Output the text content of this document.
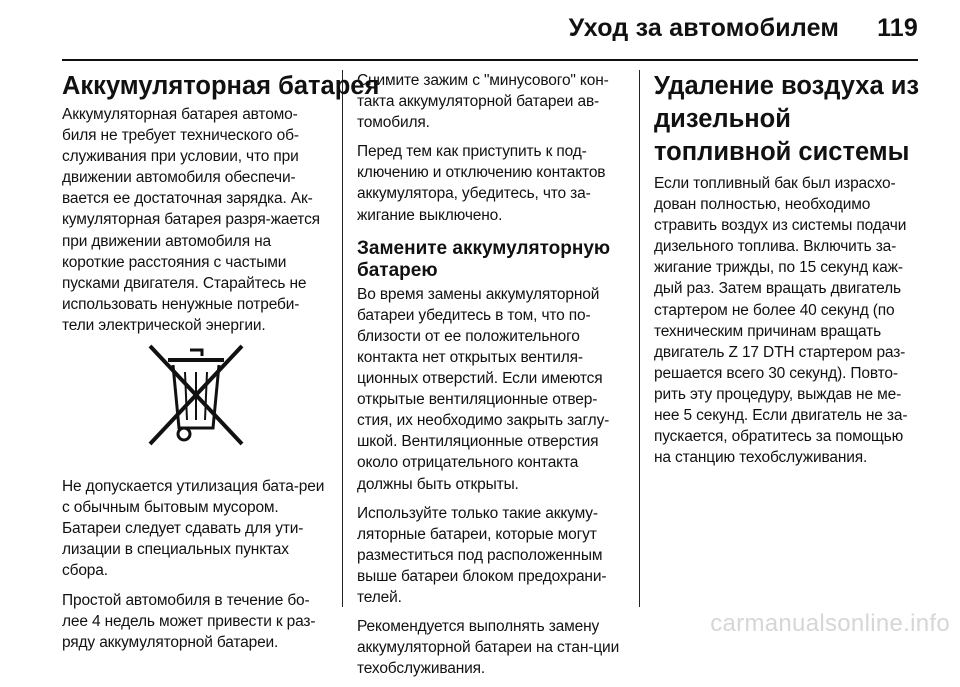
Уход за автомобилем 119
Аккумуляторная батарея

Аккумуляторная батарея автомо-биля не требует технического об-служивания при условии, что при движении автомобиля обеспечи-вается ее достаточная зарядка. Ак-кумуляторная батарея разря-жается при движении автомобиля на короткие расстояния с частыми пусками двигателя. Старайтесь не использовать ненужные потреби-тели электрической энергии.

Не допускается утилизация бата-реи с обычным бытовым мусором. Батареи следует сдавать для ути-лизации в специальных пунктах сбора.

Простой автомобиля в течение бо-лее 4 недель может привести к раз-ряду аккумуляторной батареи.

Снимите зажим с "минусового" кон-такта аккумуляторной батареи ав-томобиля.

Перед тем как приступить к под-ключению и отключению контактов аккумулятора, убедитесь, что за-жигание выключено.

Замените аккумуляторную батарею

Во время замены аккумуляторной батареи убедитесь в том, что по-близости от ее положительного контакта нет открытых вентиля-ционных отверстий. Если имеются открытые вентиляционные отвер-стия, их необходимо закрыть заглу-шкой. Вентиляционные отверстия около отрицательного контакта должны быть открыты.

Используйте только такие аккуму-ляторные батареи, которые могут разместиться под расположенным выше батареи блоком предохрани-телей.

Рекомендуется выполнять замену аккумуляторной батареи на стан-ции техобслуживания.

Удаление воздуха из дизельной топливной системы

Если топливный бак был израсхо-дован полностью, необходимо стравить воздух из системы подачи дизельного топлива. Включить за-жигание трижды, по 15 секунд каж-дый раз. Затем вращать двигатель стартером не более 40 секунд (по техническим причинам вращать двигатель Z 17 DTH стартером раз-решается всего 30 секунд). Повто-рить эту процедуру, выждав не ме-нее 5 секунд. Если двигатель не за-пускается, обратитесь за помощью на станцию техобслуживания.

carmanualsonline.info
